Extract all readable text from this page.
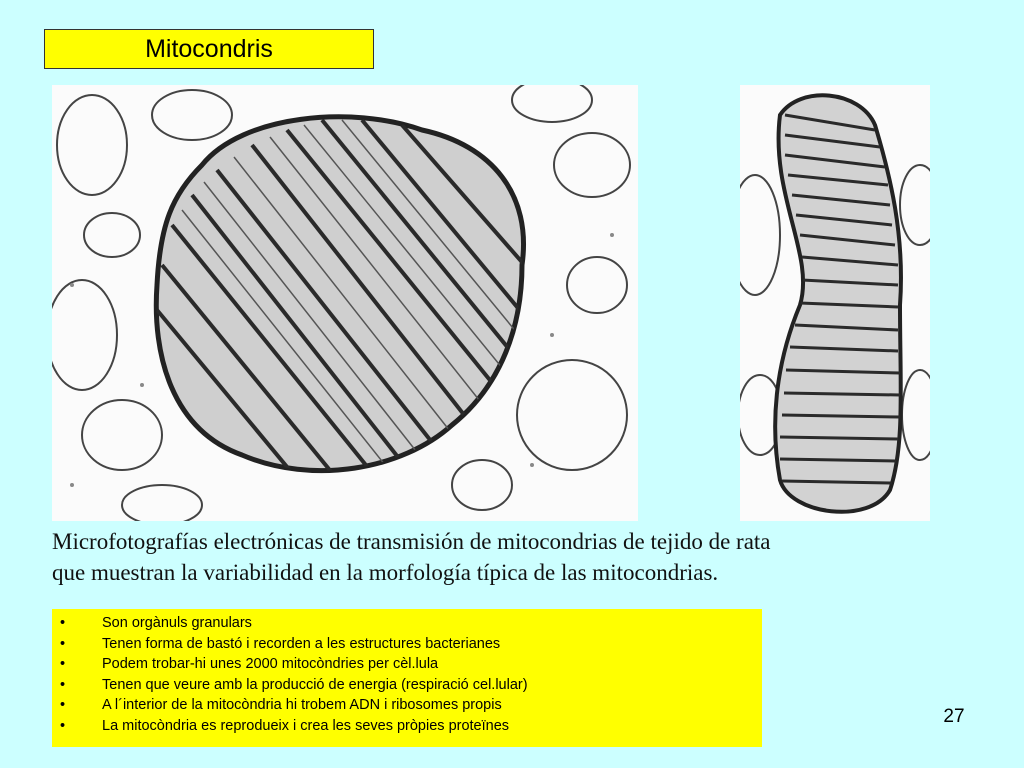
Mitocondris
Microfotografías electrónicas de transmisión de mitocondrias de tejido de rata
que muestran la variabilidad en la morfología típica de las mitocondrias.
•	Son orgànuls granulars
•	Tenen forma de bastó i recorden a les estructures bacterianes
•	Podem trobar-hi unes 2000 mitocòndries per cèl.lula
•	Tenen que veure amb la producció de energia (respiració cel.lular)
•	A l´interior de la mitocòndria hi trobem ADN i ribosomes propis
•	La mitocòndria es reprodueix i crea les seves pròpies proteïnes	27
